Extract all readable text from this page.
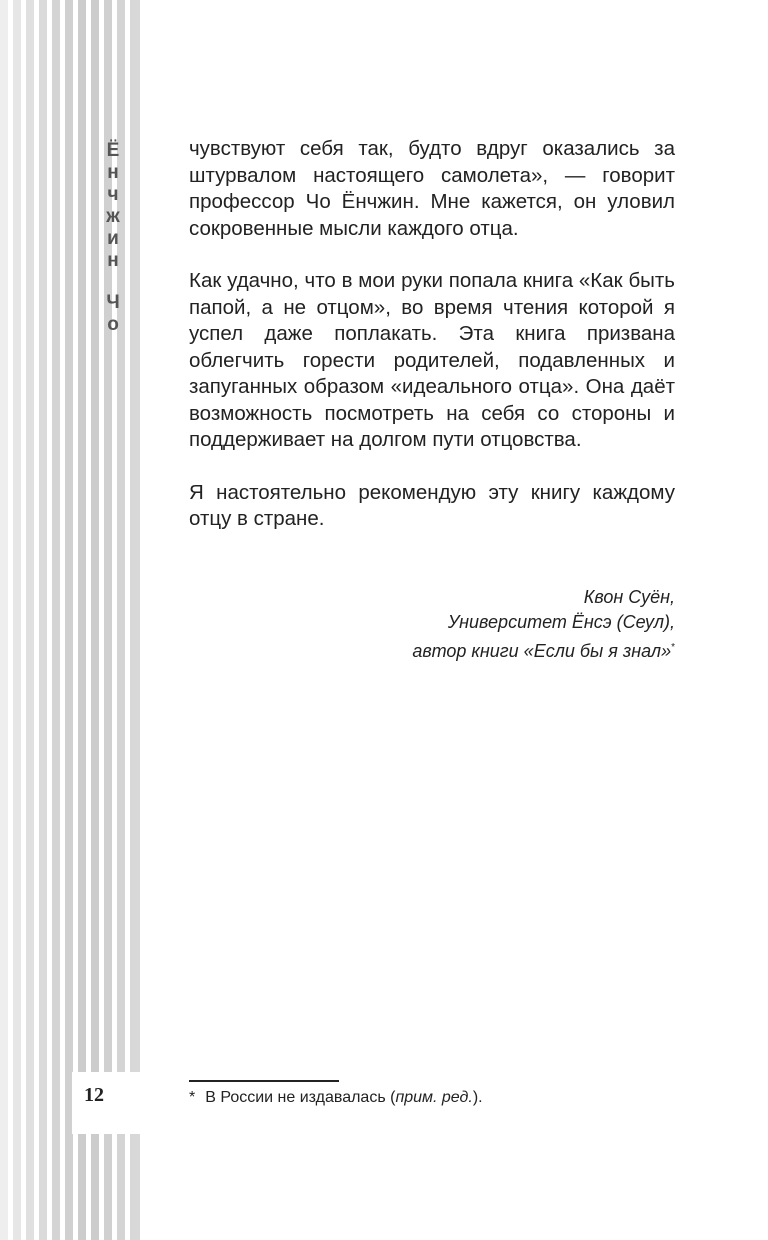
Ё
н
ч
ж
и
н
Ч
о
12

чувствуют себя так, будто вдруг оказались за штурвалом настоящего самолета», — говорит профессор Чо Ёнчжин. Мне кажется, он уловил сокровенные мысли каждого отца.

Как удачно, что в мои руки попала книга «Как быть папой, а не отцом», во время чтения которой я успел даже поплакать. Эта книга призвана облегчить горести родителей, подавленных и запуганных образом «идеального отца». Она даёт возможность посмотреть на себя со стороны и поддерживает на долгом пути отцовства.

Я настоятельно рекомендую эту книгу каждому отцу в стране.

Квон Суён,
Университет Ёнсэ (Сеул),
автор книги «Если бы я знал»*
* В России не издавалась (прим. ред.).
